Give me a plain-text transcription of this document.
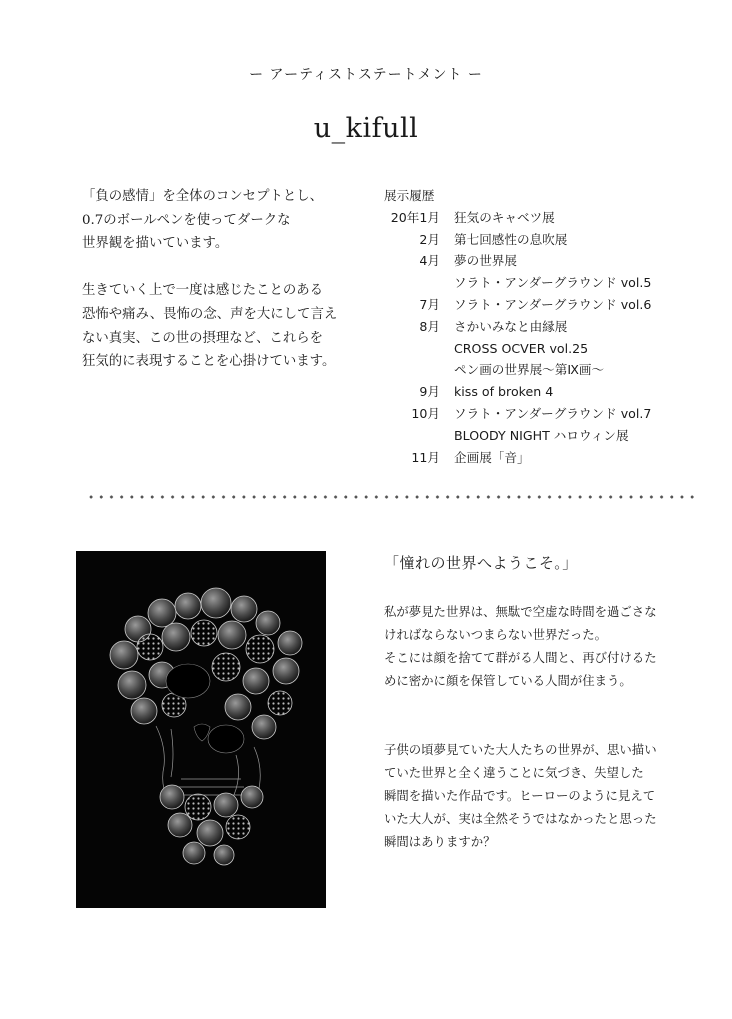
ー アーティストステートメント ー
u_kifull
「負の感情」を全体のコンセプトとし、
0.7のボールペンを使ってダークな
世界観を描いています。
生きていく上で一度は感じたことのある
恐怖や痛み、畏怖の念、声を大にして言え
ない真実、この世の摂理など、これらを
狂気的に表現することを心掛けています。
展示履歴
20年1月 狂気のキャベツ展
2月 第七回感性の息吹展
4月 夢の世界展
ソラト・アンダーグラウンド vol.5
7月 ソラト・アンダーグラウンド vol.6
8月 さかいみなと由縁展
CROSS OCVER vol.25
ペン画の世界展～第Ⅸ画～
9月 kiss of broken 4
10月 ソラト・アンダーグラウンド vol.7
BLOODY NIGHT ハロウィン展
11月 企画展「音」
「憧れの世界へようこそ。」
私が夢見た世界は、無駄で空虚な時間を過ごさな
ければならないつまらない世界だった。
そこには顔を捨てて群がる人間と、再び付けるた
めに密かに顔を保管している人間が住まう。
子供の頃夢見ていた大人たちの世界が、思い描い
ていた世界と全く違うことに気づき、失望した
瞬間を描いた作品です。ヒーローのように見えて
いた大人が、実は全然そうではなかったと思った
瞬間はありますか？
